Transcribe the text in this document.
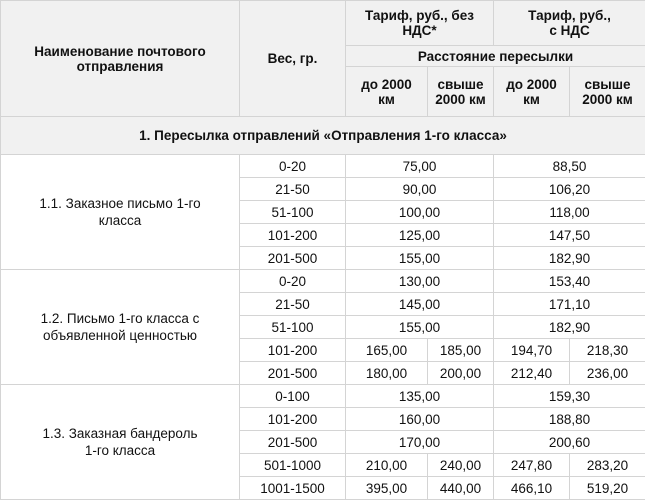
Наименование почтового отправления	Вес, гр.	Тариф, руб., без НДС*		Тариф, руб., с НДС	
		Расстояние пересылки			
		до 2000 км	свыше 2000 км	до 2000 км	свыше 2000 км
1. Пересылка отправлений «Отправления 1-го класса»					
1.1. Заказное письмо 1-го класса	0-20	75,00		88,50	
	21-50	90,00		106,20	
	51-100	100,00		118,00	
	101-200	125,00		147,50	
	201-500	155,00		182,90	
1.2. Письмо 1-го класса с объявленной ценностью	0-20	130,00		153,40	
	21-50	145,00		171,10	
	51-100	155,00		182,90	
	101-200	165,00	185,00	194,70	218,30
	201-500	180,00	200,00	212,40	236,00
1.3. Заказная бандероль 1-го класса	0-100	135,00		159,30	
	101-200	160,00		188,80	
	201-500	170,00		200,60	
	501-1000	210,00	240,00	247,80	283,20
	1001-1500	395,00	440,00	466,10	519,20
